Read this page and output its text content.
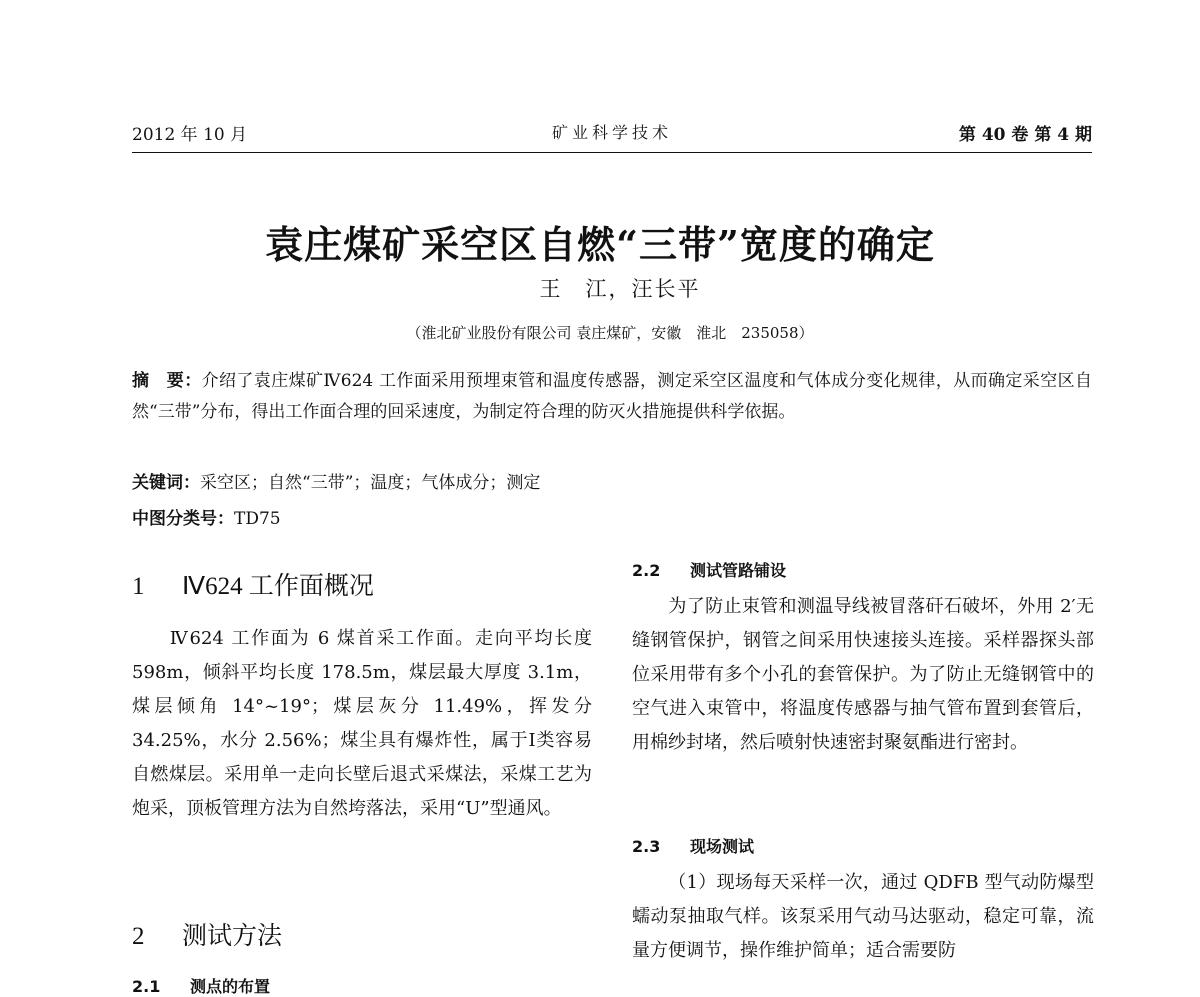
2012 年 10 月	矿业科学技术	第 40 卷 第 4 期
袁庄煤矿采空区自燃“三带”宽度的确定
王　江，汪长平
（淮北矿业股份有限公司 袁庄煤矿，安徽　淮北　235058）
摘　要：介绍了袁庄煤矿Ⅳ624 工作面采用预埋束管和温度传感器，测定采空区温度和气体成分变化规律，从而确定采空区自然“三带”分布，得出工作面合理的回采速度，为制定符合理的防灭火措施提供科学依据。
关键词：采空区；自然“三带”；温度；气体成分；测定
中图分类号：TD75
1 Ⅳ624 工作面概况
Ⅳ624 工作面为 6 煤首采工作面。走向平均长度 598m，倾斜平均长度 178.5m，煤层最大厚度 3.1m，煤层倾角 14°~19°；煤层灰分 11.49%，挥发分 34.25%，水分 2.56%；煤尘具有爆炸性，属于Ⅰ类容易自燃煤层。采用单一走向长壁后退式采煤法，采煤工艺为炮采，顶板管理方法为自然垮落法，采用“U”型通风。
2 测试方法
2.1 测点的布置
2.2 测试管路铺设
为了防止束管和测温导线被冒落矸石破坏，外用 2′无缝钢管保护，钢管之间采用快速接头连接。采样器探头部位采用带有多个小孔的套管保护。为了防止无缝钢管中的空气进入束管中，将温度传感器与抽气管布置到套管后，用棉纱封堵，然后喷射快速密封聚氨酯进行密封。
2.3 现场测试
（1）现场每天采样一次，通过 QDFB 型气动防爆型蠕动泵抽取气样。该泵采用气动马达驱动，稳定可靠，流量方便调节，操作维护简单；适合需要防
